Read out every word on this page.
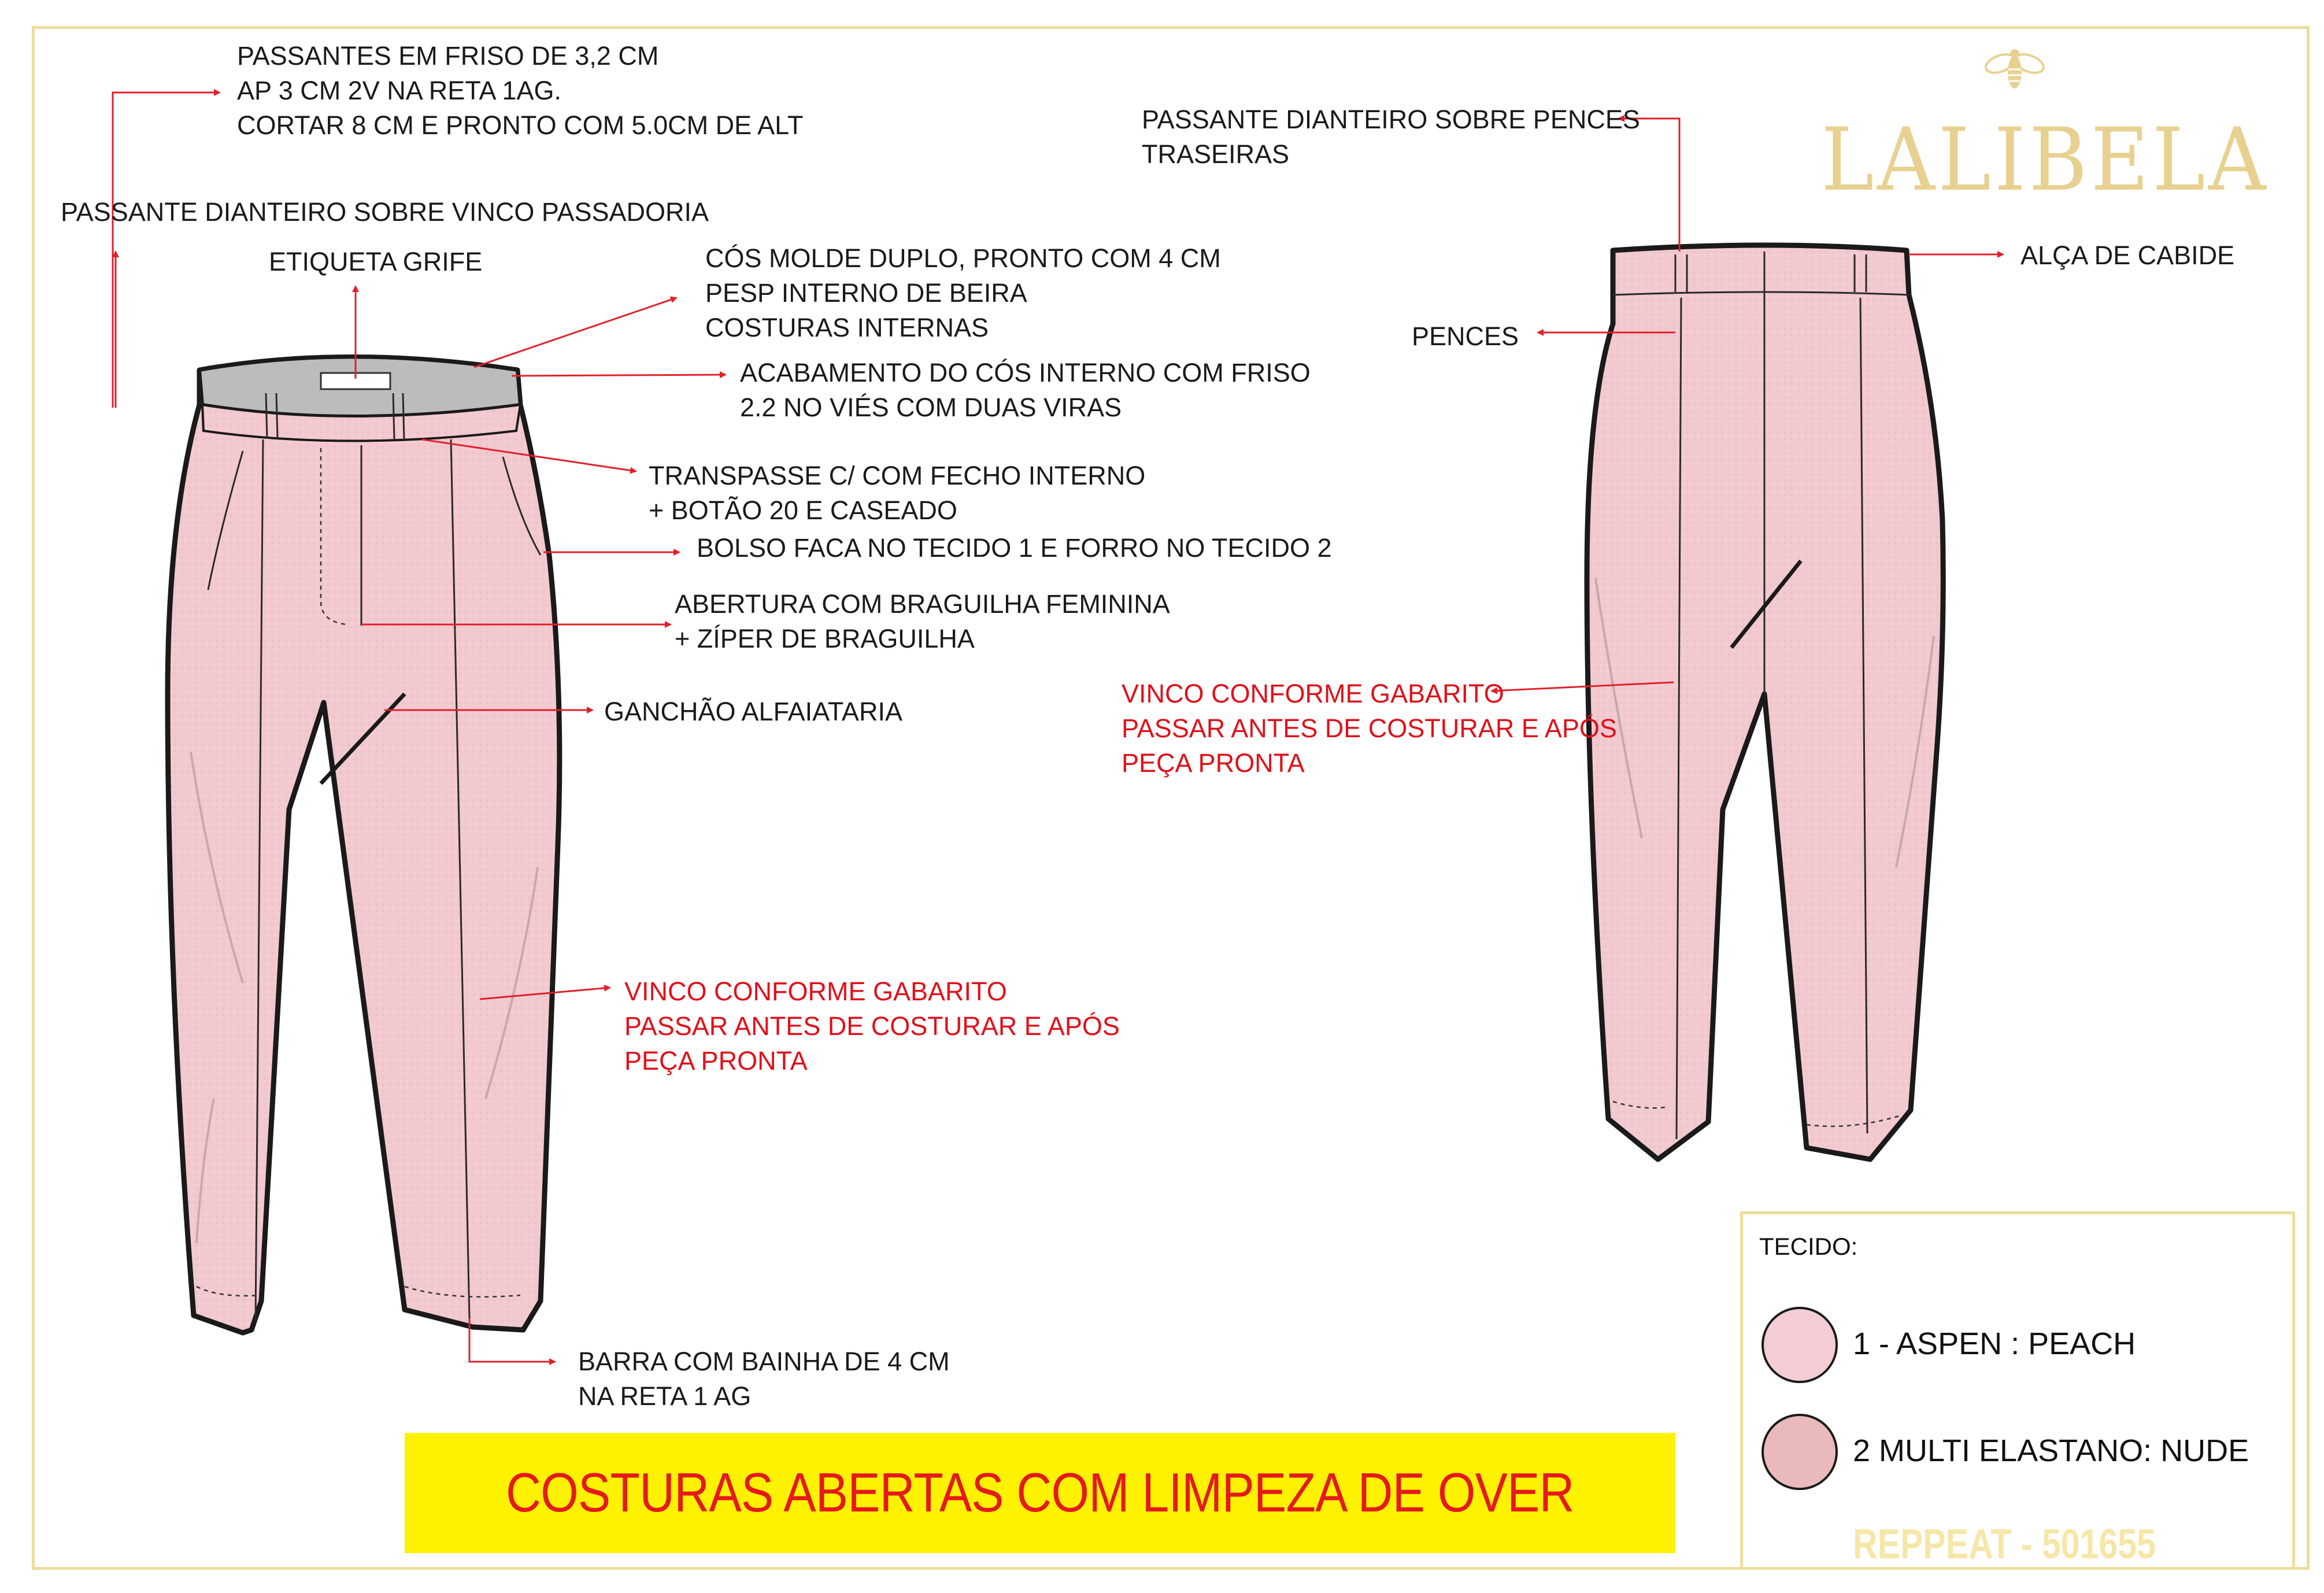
PASSANTES EM FRISO DE 3,2 CM
AP 3 CM 2V NA RETA 1AG.
CORTAR 8 CM E PRONTO COM 5.0CM DE ALT
PASSANTE DIANTEIRO SOBRE VINCO PASSADORIA
ETIQUETA GRIFE	CÓS MOLDE DUPLO, PRONTO COM 4 CM
PESP INTERNO DE BEIRA
COSTURAS INTERNAS
ACABAMENTO DO CÓS INTERNO COM FRISO
2.2 NO VIÉS COM DUAS VIRAS
TRANSPASSE C/ COM FECHO INTERNO
+ BOTÃO 20 E CASEADO
BOLSO FACA NO TECIDO 1 E FORRO NO TECIDO 2
ABERTURA COM BRAGUILHA FEMININA
+ ZÍPER DE BRAGUILHA
GANCHÃO ALFAIATARIA
VINCO CONFORME GABARITO
PASSAR ANTES DE COSTURAR E APÓS
PEÇA PRONTA
BARRA COM BAINHA DE 4 CM
NA RETA 1 AG
PASSANTE DIANTEIRO SOBRE PENCES
TRASEIRAS
ALÇA DE CABIDE
PENCES
VINCO CONFORME GABARITO
PASSAR ANTES DE COSTURAR E APÓS
PEÇA PRONTA
LALIBELA
COSTURAS ABERTAS COM LIMPEZA DE OVER
TECIDO:
1 - ASPEN : PEACH
2 MULTI ELASTANO: NUDE
REPPEAT - 501655
